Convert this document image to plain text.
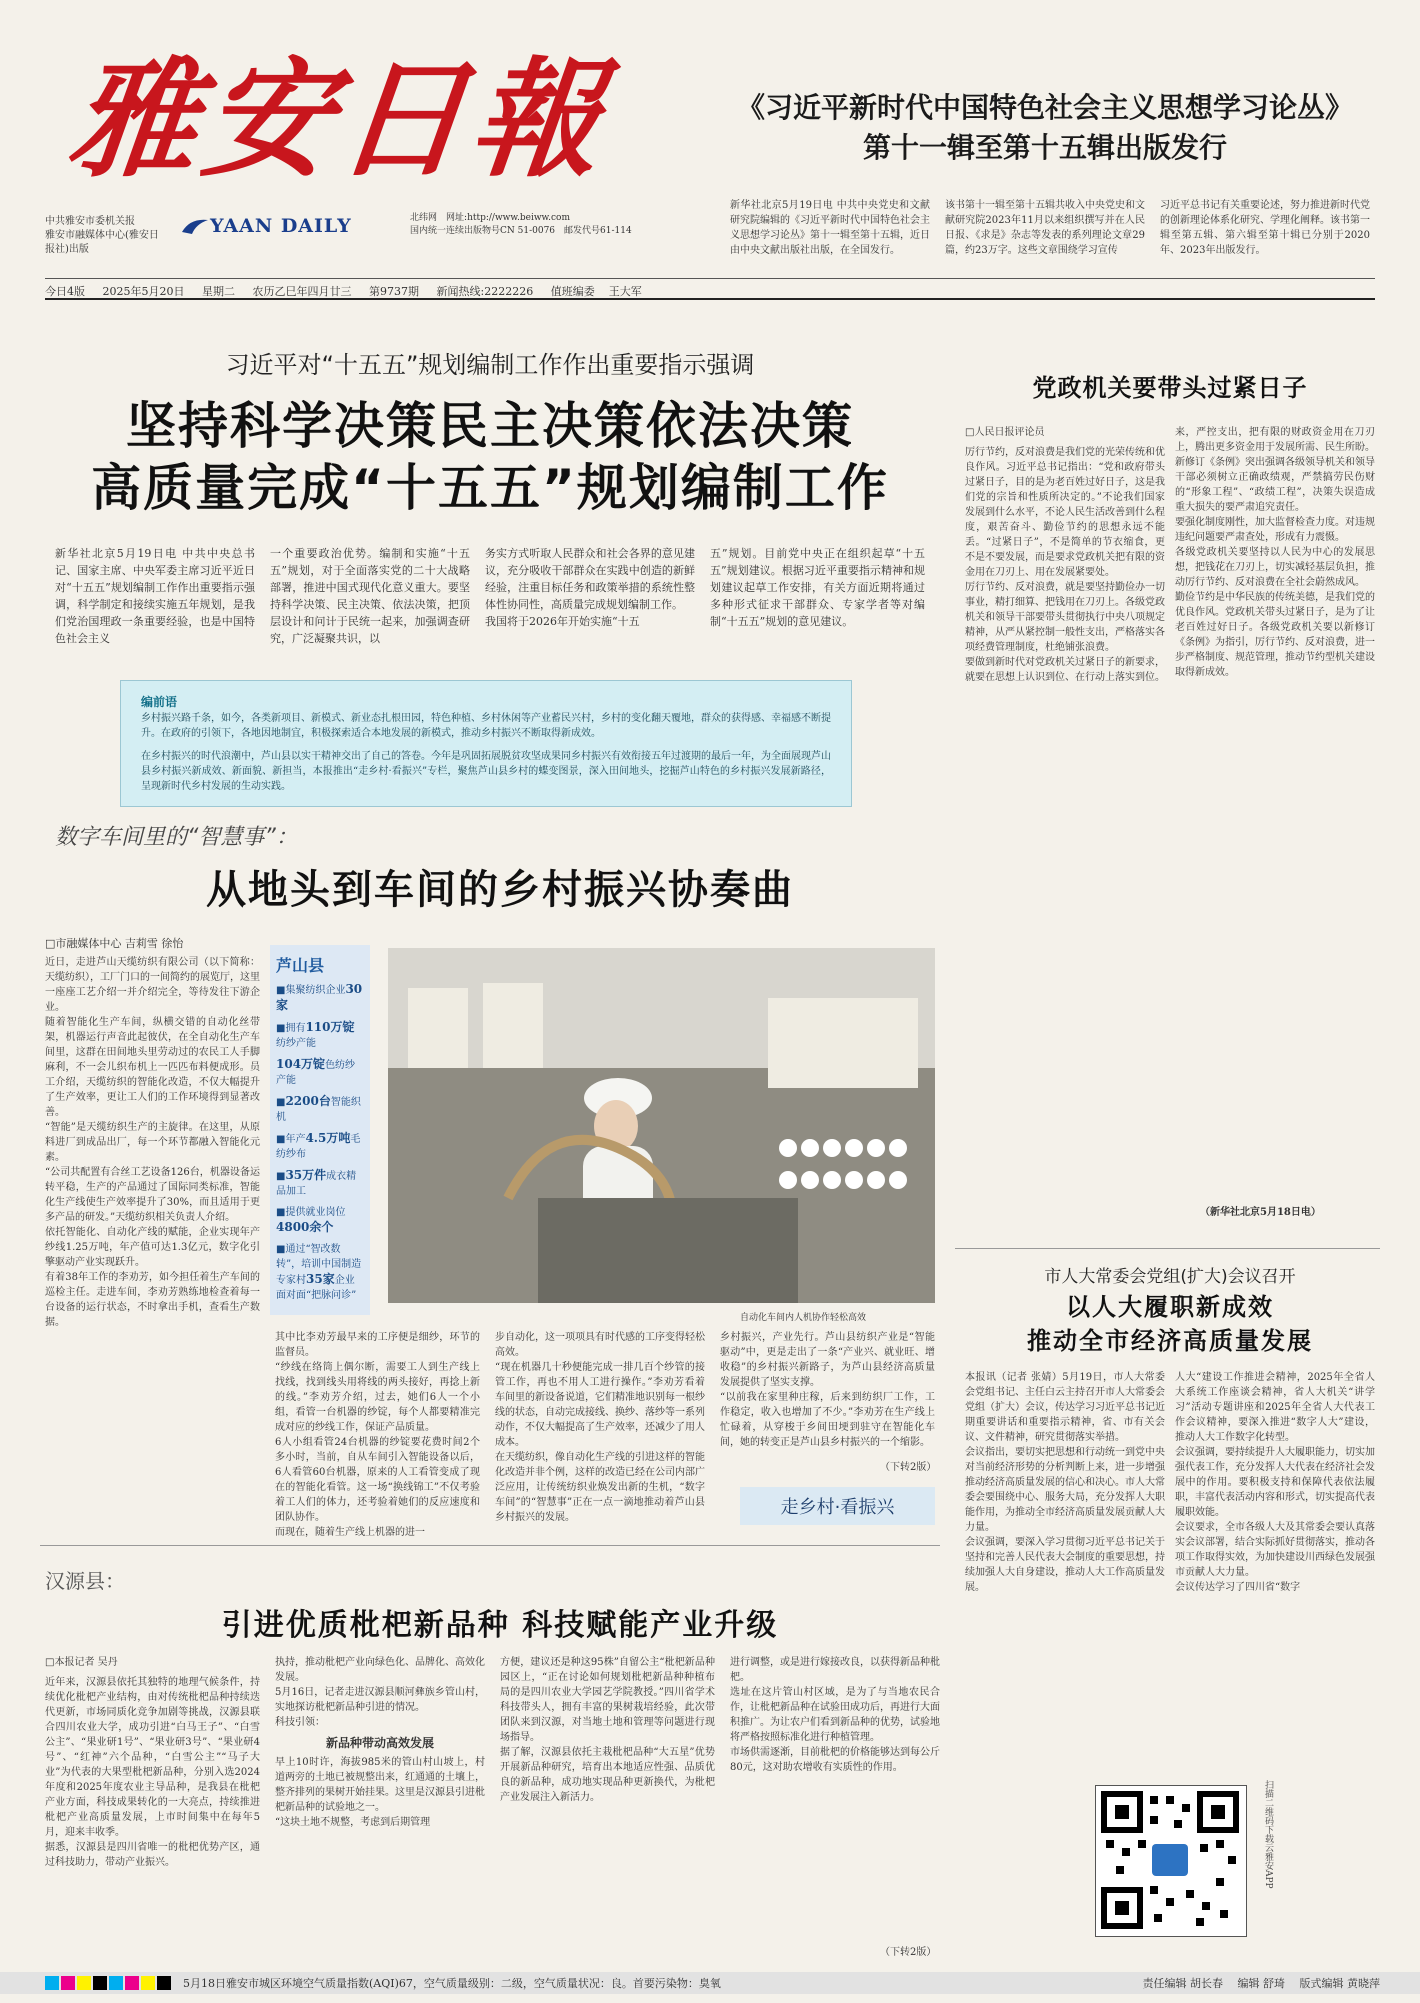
雅安日報
中共雅安市委机关报
雅安市融媒体中心(雅安日报社)出版
YAAN DAILY	北纬网　 网址:http://www.beiww.com
国内统一连续出版物号CN 51-0076　 邮发代号61-114
今日4版 2025年5月20日 星期二 农历乙巳年四月廿三 第9737期 新闻热线:2222226 值班编委 王大军
《习近平新时代中国特色社会主义思想学习论丛》
第十一辑至第十五辑出版发行
新华社北京5月19日电 中共中央党史和文献研究院编辑的《习近平新时代中国特色社会主义思想学习论丛》第十一辑至第十五辑，近日由中央文献出版社出版，在全国发行。
该书第十一辑至第十五辑共收入中央党史和文献研究院2023年11月以来组织撰写并在人民日报、《求是》杂志等发表的系列理论文章29篇，约23万字。这些文章围绕学习宣传
习近平总书记有关重要论述，努力推进新时代党的创新理论体系化研究、学理化阐释。该书第一辑至第五辑、第六辑至第十辑已分别于2020年、2023年出版发行。
习近平对“十五五”规划编制工作作出重要指示强调
坚持科学决策民主决策依法决策
高质量完成“十五五”规划编制工作
新华社北京5月19日电 中共中央总书记、国家主席、中央军委主席习近平近日对“十五五”规划编制工作作出重要指示强调，科学制定和接续实施五年规划，是我们党治国理政一条重要经验，也是中国特色社会主义
一个重要政治优势。编制和实施“十五五”规划，对于全面落实党的二十大战略部署，推进中国式现代化意义重大。要坚持科学决策、民主决策、依法决策，把顶层设计和问计于民统一起来，加强调查研究，广泛凝聚共识，以
务实方式听取人民群众和社会各界的意见建议，充分吸收干部群众在实践中创造的新鲜经验，注重目标任务和政策举措的系统性整体性协同性，高质量完成规划编制工作。
我国将于2026年开始实施“十五
五”规划。目前党中央正在组织起草“十五五”规划建议。根据习近平重要指示精神和规划建议起草工作安排，有关方面近期将通过多种形式征求干部群众、专家学者等对编制“十五五”规划的意见建议。
编前语
乡村振兴路千条，如今，各类新项目、新模式、新业态扎根田园，特色种植、乡村休闲等产业蓄民兴村，乡村的变化翻天覆地，群众的获得感、幸福感不断提升。在政府的引领下，各地因地制宜，积极探索适合本地发展的新模式，推动乡村振兴不断取得新成效。
在乡村振兴的时代浪潮中，芦山县以实干精神交出了自己的答卷。今年是巩固拓展脱贫攻坚成果同乡村振兴有效衔接五年过渡期的最后一年，为全面展现芦山县乡村振兴新成效、新面貌、新担当，本报推出“走乡村·看振兴”专栏，聚焦芦山县乡村的蝶变图景，深入田间地头，挖掘芦山特色的乡村振兴发展新路径，呈现新时代乡村发展的生动实践。
数字车间里的“智慧事”：
从地头到车间的乡村振兴协奏曲
□市融媒体中心 吉莉雪 徐怡
近日，走进芦山天缆纺织有限公司（以下简称：天缆纺织），工厂门口的一间简约的展览厅，这里一座座工艺介绍一并介绍完全，等待发往下游企业。
随着智能化生产车间，纵横交错的自动化丝带架，机器运行声音此起彼伏，在全自动化生产车间里，这群在田间地头里劳动过的农民工人手脚麻利，不一会儿织布机上一匹匹布料便成形。员工介绍，天缆纺织的智能化改造，不仅大幅提升了生产效率，更让工人们的工作环境得到显著改善。
“智能”是天缆纺织生产的主旋律。在这里，从原料进厂到成品出厂，每一个环节都融入智能化元素。
“公司共配置有合丝工艺设备126台，机器设备运转平稳，生产的产品通过了国际同类标准，智能化生产线使生产效率提升了30%，而且适用于更多产品的研发。”天缆纺织相关负责人介绍。
依托智能化、自动化产线的赋能，企业实现年产纱线1.25万吨，年产值可达1.3亿元，数字化引擎驱动产业实现跃升。
有着38年工作的李劝芳，如今担任着生产车间的巡检主任。走进车间，李劝芳熟练地检查着每一台设备的运行状态，不时拿出手机，查看生产数据。
芦山县
■集聚纺织企业30家
■拥有110万锭纺纱产能
104万锭色纺纱产能
■2200台智能织机
■年产4.5万吨毛纺纱布
■35万件成衣精品加工
■提供就业岗位4800余个
■通过“智改数转”，培训中国制造专家村35家企业面对面“把脉问诊”
自动化车间内人机协作轻松高效
其中比李劝芳最早来的工序便是细纱，环节的监督员。
“纱线在络筒上偶尔断，需要工人到生产线上找线，找到线头用将线的两头接好，再捻上新的线。”李劝芳介绍，过去，她们6人一个小组，看管一台机器的纱锭，每个人都要精准完成对应的纱线工作，保证产品质量。
6人小组看管24台机器的纱锭要花费时间2个多小时，当前，自从车间引入智能设备以后，6人看管60台机器，原来的人工看管变成了现在的智能化看管。这一场“换线锦工”不仅考验着工人们的体力，还考验着她们的反应速度和团队协作。
而现在，随着生产线上机器的进一
步自动化，这一项项具有时代感的工序变得轻松高效。
“现在机器几十秒便能完成一排几百个纱管的接管工作，再也不用人工进行操作。”李劝芳看着车间里的新设备说道，它们精准地识别每一根纱线的状态，自动完成接线、换纱、落纱等一系列动作，不仅大幅提高了生产效率，还减少了用人成本。
在天缆纺织，像自动化生产线的引进这样的智能化改造并非个例，这样的改造已经在公司内部广泛应用，让传统纺织业焕发出新的生机，“数字车间”的“智慧事”正在一点一滴地推动着芦山县乡村振兴的发展。
乡村振兴，产业先行。芦山县纺织产业是“智能驱动”中，更是走出了一条“产业兴、就业旺、增收稳”的乡村振兴新路子，为芦山县经济高质量发展提供了坚实支撑。
“以前我在家里种庄稼，后来到纺织厂工作，工作稳定，收入也增加了不少。”李劝芳在生产线上忙碌着，从穿梭于乡间田埂到驻守在智能化车间，她的转变正是芦山县乡村振兴的一个缩影。
（下转2版）
走乡村·看振兴
党政机关要带头过紧日子
□人民日报评论员
厉行节约，反对浪费是我们党的光荣传统和优良作风。习近平总书记指出：“党和政府带头过紧日子，目的是为老百姓过好日子，这是我们党的宗旨和性质所决定的。”不论我们国家发展到什么水平，不论人民生活改善到什么程度，艰苦奋斗、勤俭节约的思想永远不能丢。“过紧日子”，不是简单的节衣缩食，更不是不要发展，而是要求党政机关把有限的资金用在刀刃上、用在发展紧要处。
厉行节约、反对浪费，就是要坚持勤俭办一切事业，精打细算、把钱用在刀刃上。各级党政机关和领导干部要带头贯彻执行中央八项规定精神，从严从紧控制一般性支出，严格落实各项经费管理制度，杜绝铺张浪费。
要做到新时代对党政机关过紧日子的新要求，就要在思想上认识到位、在行动上落实到位。
来，严控支出，把有限的财政资金用在刀刃上，腾出更多资金用于发展所需、民生所盼。
新修订《条例》突出强调各级领导机关和领导干部必须树立正确政绩观，严禁搞劳民伤财的“形象工程”、“政绩工程”，决策失误造成重大损失的要严肃追究责任。
要强化制度刚性，加大监督检查力度。对违规违纪问题要严肃查处，形成有力震慑。
各级党政机关要坚持以人民为中心的发展思想，把钱花在刀刃上，切实减轻基层负担，推动厉行节约、反对浪费在全社会蔚然成风。
勤俭节约是中华民族的传统美德，是我们党的优良作风。党政机关带头过紧日子，是为了让老百姓过好日子。各级党政机关要以新修订《条例》为指引，厉行节约、反对浪费，进一步严格制度、规范管理，推动节约型机关建设取得新成效。
（新华社北京5月18日电）
市人大常委会党组(扩大)会议召开
以人大履职新成效
推动全市经济高质量发展
本报讯（记者 张婧）5月19日，市人大常委会党组书记、主任白云主持召开市人大常委会党组（扩大）会议，传达学习习近平总书记近期重要讲话和重要指示精神，省、市有关会议、文件精神，研究贯彻落实举措。
会议指出，要切实把思想和行动统一到党中央对当前经济形势的分析判断上来，进一步增强推动经济高质量发展的信心和决心。市人大常委会要围绕中心、服务大局，充分发挥人大职能作用，为推动全市经济高质量发展贡献人大力量。
会议强调，要深入学习贯彻习近平总书记关于坚持和完善人民代表大会制度的重要思想，持续加强人大自身建设，推动人大工作高质量发展。
人大“建设工作推进会精神，2025年全省人大系统工作座谈会精神，省人大机关“讲学习”活动专题讲座和2025年全省人大代表工作会议精神，要深入推进“数字人大”建设，推动人大工作数字化转型。
会议强调，要持续提升人大履职能力，切实加强代表工作，充分发挥人大代表在经济社会发展中的作用。要积极支持和保障代表依法履职，丰富代表活动内容和形式，切实提高代表履职效能。
会议要求，全市各级人大及其常委会要认真落实会议部署，结合实际抓好贯彻落实，推动各项工作取得实效，为加快建设川西绿色发展强市贡献人大力量。
会议传达学习了四川省“数字
扫描二维码下载云雅安APP
汉源县：
引进优质枇杷新品种 科技赋能产业升级
□本报记者 吴丹
近年来，汉源县依托其独特的地理气候条件，持续优化枇杷产业结构，由对传统枇杷品种持续迭代更新，市场同质化竞争加剧等挑战，汉源县联合四川农业大学，成功引进“白马王子”、“白雪公主”、“果业研1号”、“果业研3号”、“果业研4号”、“红神”六个品种，“白雪公主”“马子大业”为代表的大果型枇杷新品种，分别入选2024年度和2025年度农业主导品种，是我县在枇杷产业方面，科技成果转化的一大亮点，持续推进枇杷产业高质量发展，上市时间集中在每年5月，迎来丰收季。
据悉，汉源县是四川省唯一的枇杷优势产区，通过科技助力，带动产业振兴。
执持，推动枇杷产业向绿色化、品牌化、高效化发展。
5月16日，记者走进汉源县顺河彝族乡管山村，实地探访枇杷新品种引进的情况。
科技引领：
新品种带动高效发展
早上10时许，海拔985米的管山村山坡上，村道两旁的土地已被规整出来，红通通的土壤上，整齐排列的果树开始挂果。这里是汉源县引进枇杷新品种的试验地之一。
“这块土地不规整，考虑到后期管理
方便，建议还是种这95株”自留公主“枇杷新品种园区上，“正在讨论如何规划枇杷新品种种植布局的是四川农业大学园艺学院教授。”四川省学术科技带头人，拥有丰富的果树栽培经验，此次带团队来到汉源，对当地土地和管理等问题进行现场指导。
据了解，汉源县依托主栽枇杷品种“大五星”优势开展新品种研究，培育出本地适应性强、品质优良的新品种，成功地实现品种更新换代，为枇杷产业发展注入新活力。
进行调整，或是进行嫁接改良，以获得新品种枇杷。
选址在这片管山村区域，是为了与当地农民合作，让枇杷新品种在试验田成功后，再进行大面积推广。为让农户们看到新品种的优势，试验地将严格按照标准化进行种植管理。
市场供需逐渐，目前枇杷的价格能够达到每公斤80元，这对助农增收有实质性的作用。
（下转2版）
5月18日雅安市城区环境空气质量指数(AQI)67，空气质量级别：二级，空气质量状况：良。首要污染物：臭氧	责任编辑 胡长春　 编辑 舒琦　 版式编辑 黄晓萍
